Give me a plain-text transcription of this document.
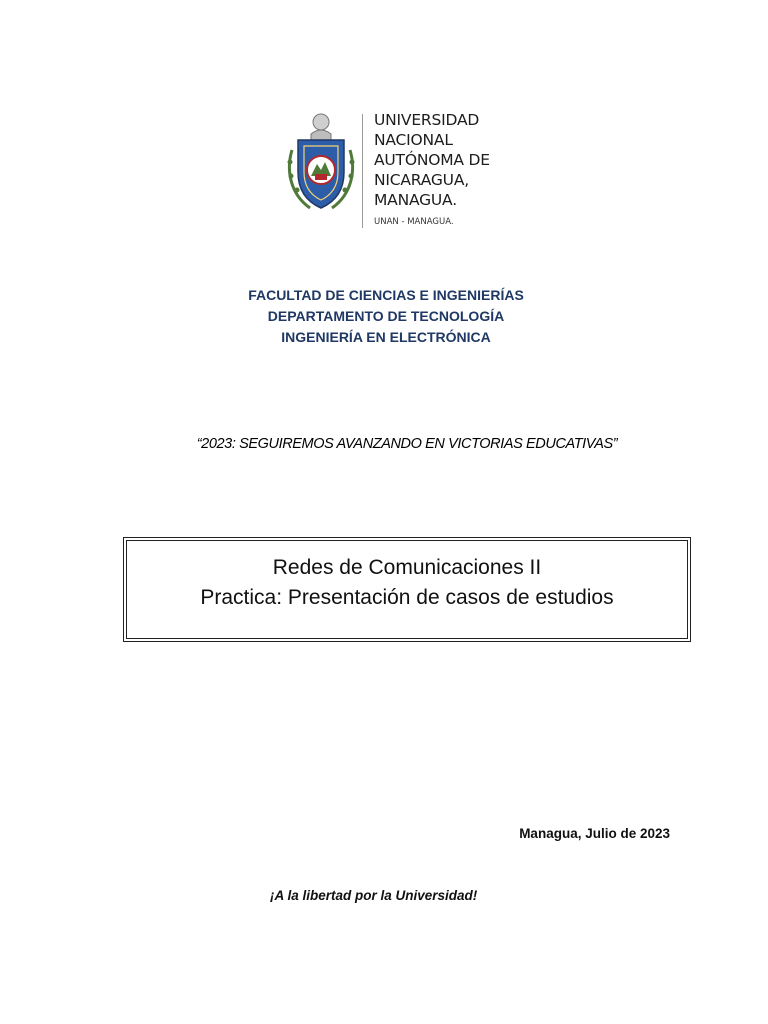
UNIVERSIDAD
NACIONAL
AUTÓNOMA DE
NICARAGUA,
MANAGUA.
UNAN - MANAGUA.
FACULTAD DE CIENCIAS E INGENIERÍAS
DEPARTAMENTO DE TECNOLOGÍA
INGENIERÍA EN ELECTRÓNICA
“2023: SEGUIREMOS AVANZANDO EN VICTORIAS EDUCATIVAS”
Redes de Comunicaciones II
Practica: Presentación de casos de estudios
Managua, Julio de 2023
¡A la libertad por la Universidad!
